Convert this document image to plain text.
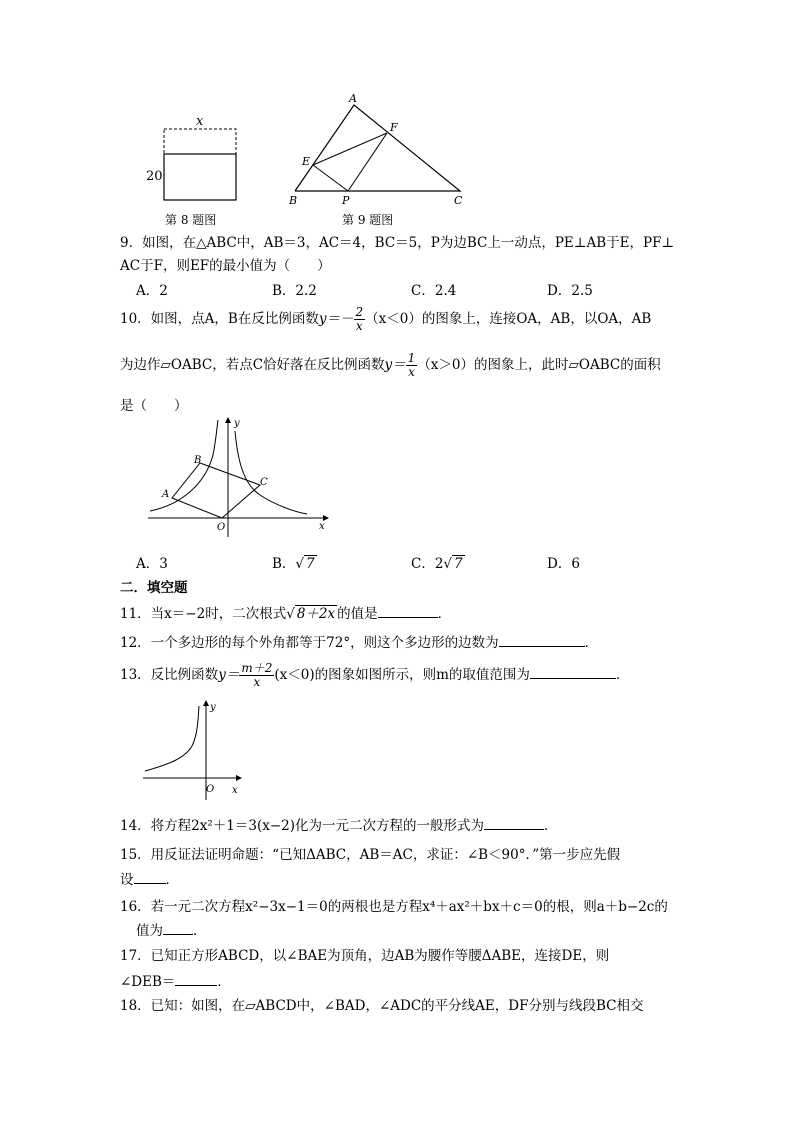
x
20
第 8 题图
A
F
E
B	P	C
第 9 题图
9．如图，在△ABC中，AB＝3，AC＝4，BC＝5，P为边BC上一动点，PE⊥AB于E，PF⊥
AC于F，则EF的最小值为（　　）
A．2	B．2.2	C．2.4	D．2.5
10．如图，点A，B在反比例函数$y=- \frac{2}{x} (x<0)$的图象上，连接OA，AB，以OA，AB
为边作▱OABC，若点C恰好落在反比例函数$y= \frac{1}{x} (x>0)$的图象上，此时▱OABC的面积
是（　　）
y
B
A
C
O	x
A．3	B．√ 7	C．2√ 7	D．6
二．填空题
11．当x＝−2时，二次根式√ 8＋2x 的值是	．
12．一个多边形的每个外角都等于72°，则这个多边形的边数为	．
13．反比例函数$y= \frac{m+2}{x} (x<0)$的图象如图所示，则m的取值范围为	．
y
O x
14．将方程2x²＋1＝3(x−2)化为一元二次方程的一般形式为	．
15．用反证法证明命题：“已知ΔABC，AB＝AC，求证：∠B＜90°．”第一步应先假
设 ．
16．若一元二次方程x²−3x−1＝0的两根也是方程x⁴＋ax²＋bx＋c＝0的根，则a＋b−2c的
值为 ．
17．已知正方形ABCD，以∠BAE为顶角，边AB为腰作等腰ΔABE，连接DE，则
∠DEB＝	．
18．已知：如图，在▱ABCD中，∠BAD，∠ADC的平分线AE，DF分别与线段BC相交
